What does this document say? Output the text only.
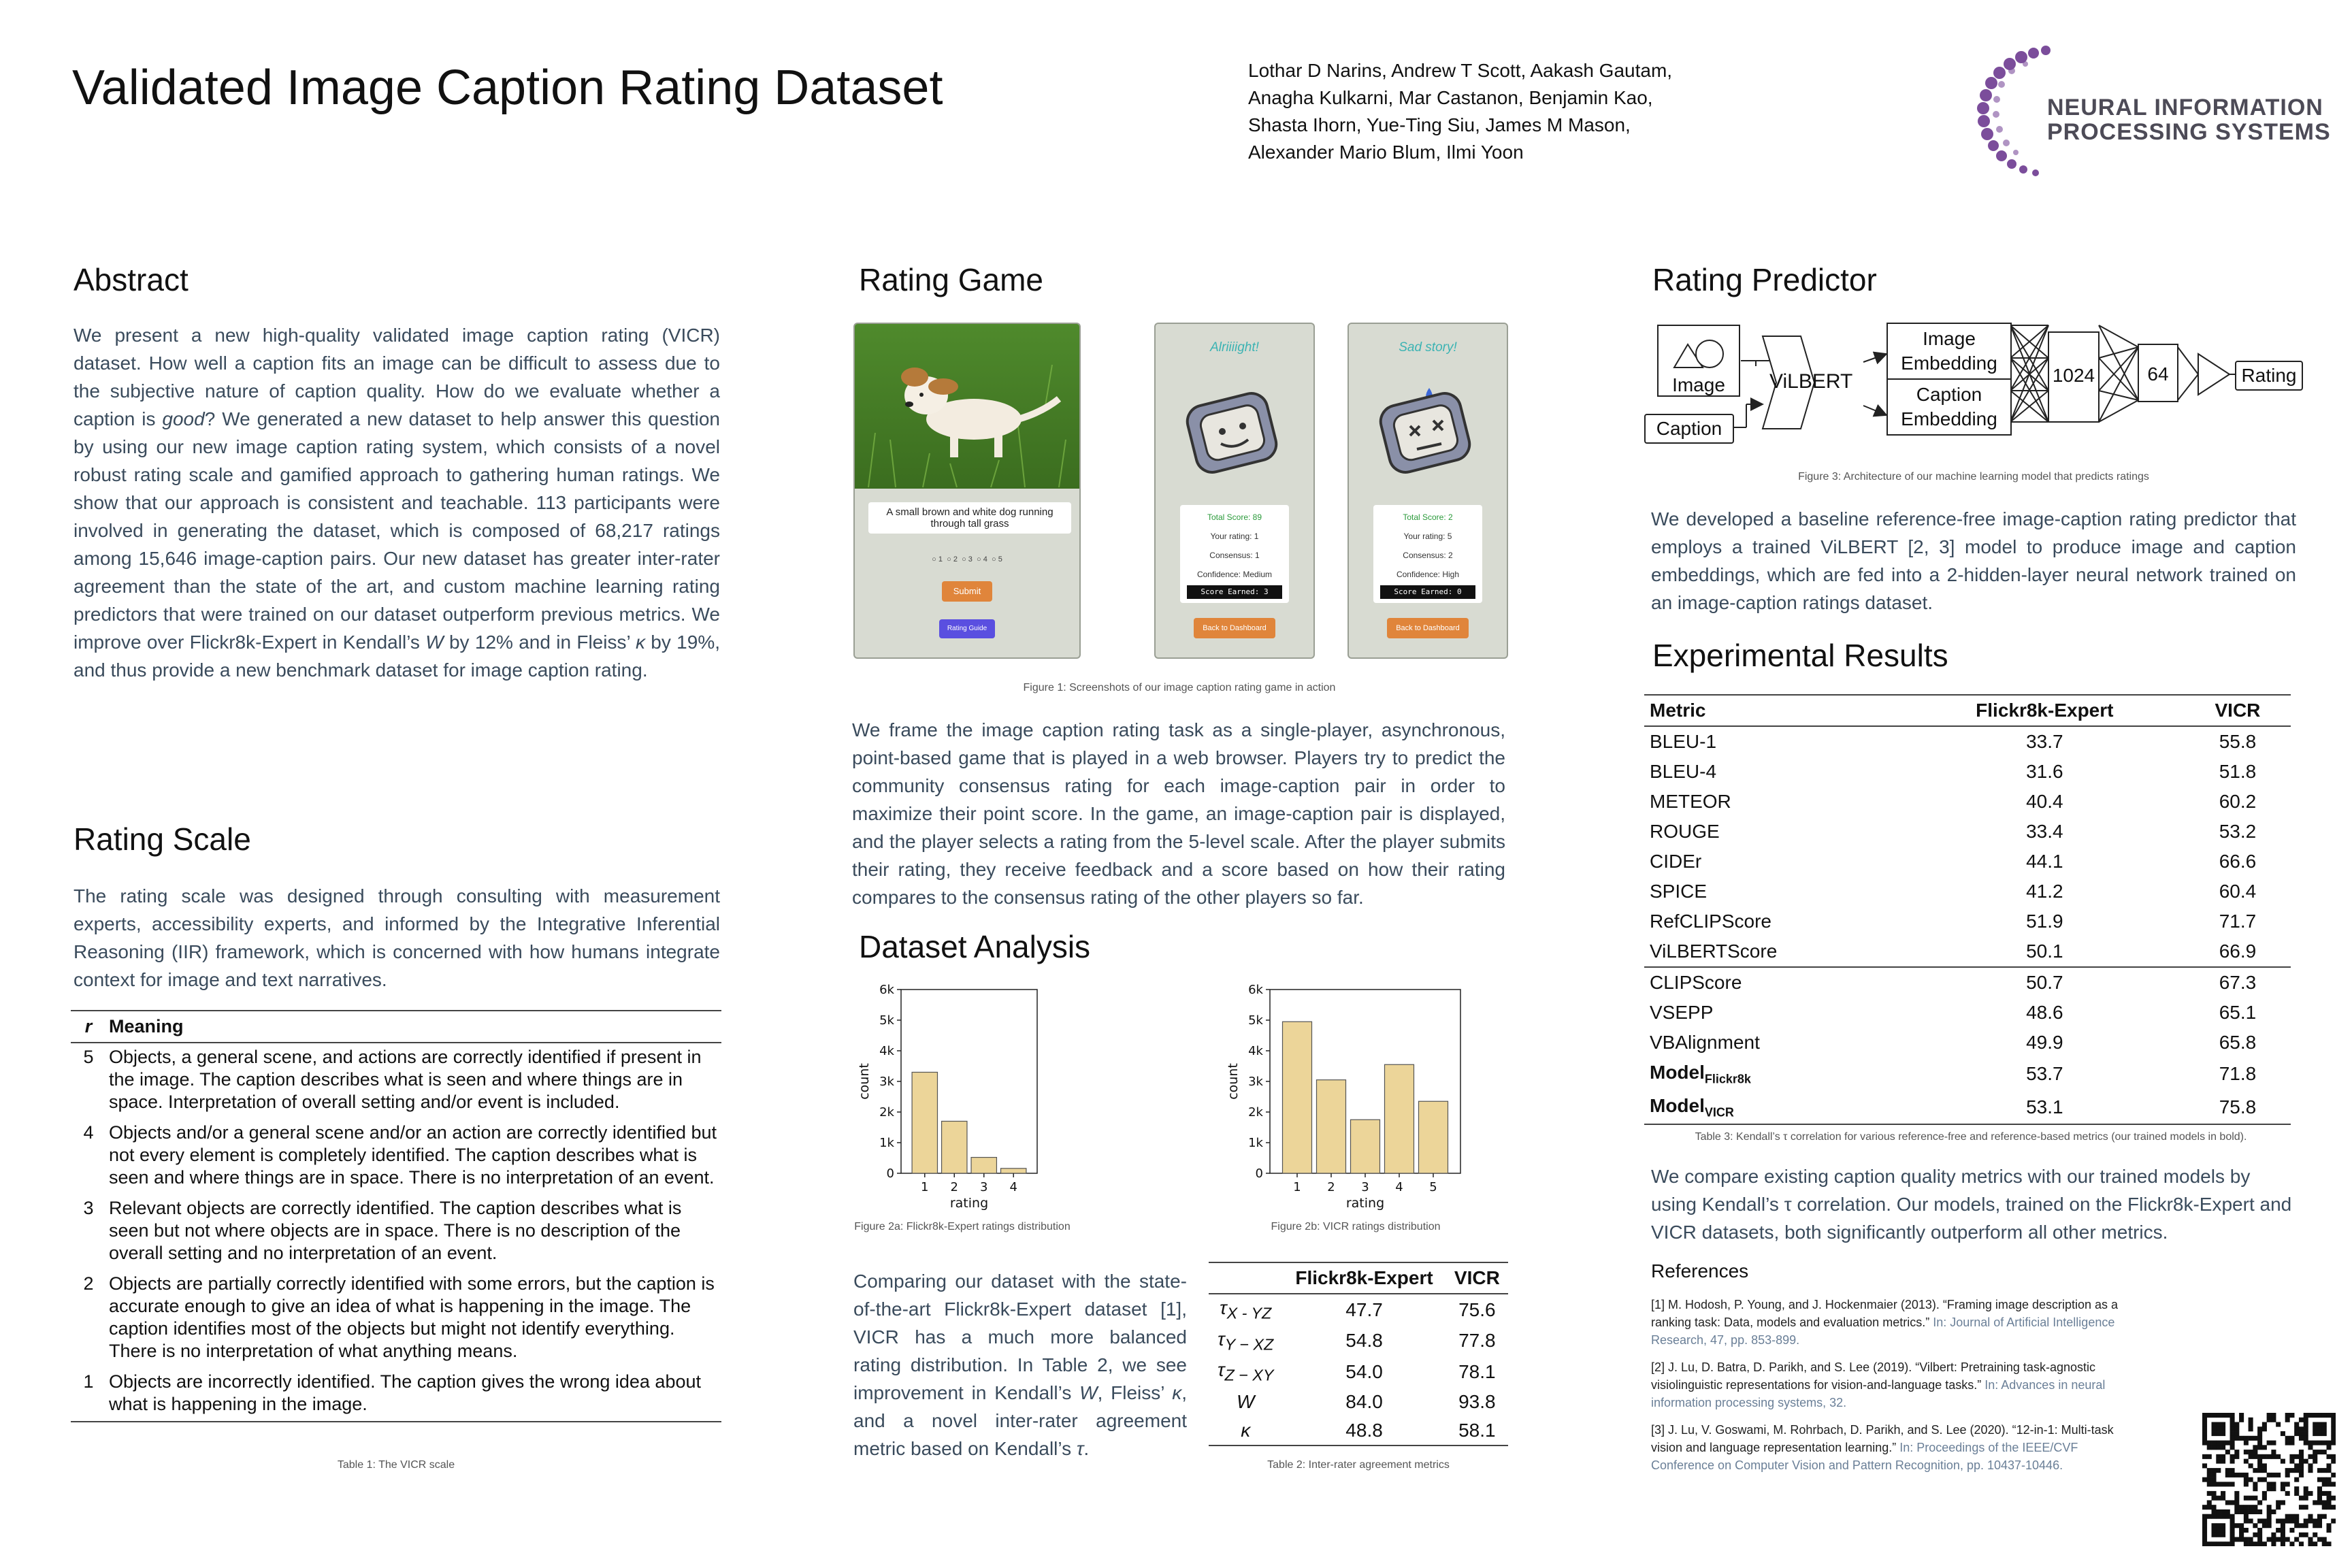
Validated Image Caption Rating Dataset	Lothar D Narins, Andrew T Scott, Aakash Gautam,
Anagha Kulkarni, Mar Castanon, Benjamin Kao,
Shasta Ihorn, Yue-Ting Siu, James M Mason,
Alexander Mario Blum, Ilmi Yoon
NEURAL INFORMATION
PROCESSING SYSTEMS
Abstract
We present a new high-quality validated image caption rating (VICR) dataset. How well a caption fits an image can be difficult to assess due to the subjective nature of caption quality. How do we evaluate whether a caption is good? We generated a new dataset to help answer this question by using our new image caption rating system, which consists of a novel robust rating scale and gamified approach to gathering human ratings. We show that our approach is consistent and teachable. 113 participants were involved in generating the dataset, which is composed of 68,217 ratings among 15,646 image-caption pairs. Our new dataset has greater inter-rater agreement than the state of the art, and custom machine learning rating predictors that were trained on our dataset outperform previous metrics. We improve over Flickr8k-Expert in Kendall’s W by 12% and in Fleiss’ κ by 19%, and thus provide a new benchmark dataset for image caption rating.
Rating Scale
The rating scale was designed through consulting with measurement experts, accessibility experts, and informed by the Integrative Inferential Reasoning (IIR) framework, which is concerned with how humans integrate context for image and text narratives.
r	Meaning
5	Objects, a general scene, and actions are correctly identified if present in the image. The caption describes what is seen and where things are in space. Interpretation of overall setting and/or event is included.
4	Objects and/or a general scene and/or an action are correctly identified but not every element is completely identified. The caption describes what is seen and where things are in space. There is no interpretation of an event.
3	Relevant objects are correctly identified. The caption describes what is seen but not where objects are in space. There is no description of the overall setting and no interpretation of an event.
2	Objects are partially correctly identified with some errors, but the caption is accurate enough to give an idea of what is happening in the image. The caption identifies most of the objects but might not identify everything. There is no interpretation of what anything means.
1	Objects are incorrectly identified. The caption gives the wrong idea about what is happening in the image.
Table 1: The VICR scale
Rating Game
A small brown and white dog running through tall grass
○ 1 ○ 2 ○ 3 ○ 4 ○ 5
Submit
Rating Guide
Alriiiight!
Total Score: 89
Your rating: 1
Consensus: 1
Confidence: Medium
Score Earned: 3
Back to Dashboard
Sad story!
Total Score: 2
Your rating: 5
Consensus: 2
Confidence: High
Score Earned: 0
Back to Dashboard
Figure 1: Screenshots of our image caption rating game in action
We frame the image caption rating task as a single-player, asynchronous, point-based game that is played in a web browser. Players try to predict the community consensus rating for each image-caption pair in order to maximize their point score. In the game, an image-caption pair is displayed, and the player selects a rating from the 5-level scale. After the player submits their rating, they receive feedback and a score based on how their rating compares to the consensus rating of the other players so far.
Dataset Analysis
0
1k
2k
3k
4k
5k
6k
1 2 3 4
rating
count
0
1k
2k
3k
4k
5k
6k
1 2 3 4 5
rating
count
Figure 2a: Flickr8k-Expert ratings distribution	Figure 2b: VICR ratings distribution
Comparing our dataset with the state-of-the-art Flickr8k-Expert dataset [1], VICR has a much more balanced rating distribution. In Table 2, we see improvement in Kendall’s W, Fleiss’ κ, and a novel inter-rater agreement metric based on Kendall’s τ.
	Flickr8k-Expert	VICR
$\tau_{X - YZ}$	47.7	75.6
$\tau_{Y - XZ}$	54.8	77.8
$\tau_{Z - XY}$	54.0	78.1
W	84.0	93.8
κ	48.8	58.1
Table 2: Inter-rater agreement metrics
Rating Predictor
Image
Caption
ViLBERT
Image
Embedding
Caption
Embedding
1024	64	Rating
Figure 3: Architecture of our machine learning model that predicts ratings
We developed a baseline reference-free image-caption rating predictor that employs a trained ViLBERT [2, 3] model to produce image and caption embeddings, which are fed into a 2-hidden-layer neural network trained on an image-caption ratings dataset.
Experimental Results
Metric	Flickr8k-Expert	VICR
BLEU-1	33.7	55.8
BLEU-4	31.6	51.8
METEOR	40.4	60.2
ROUGE	33.4	53.2
CIDEr	44.1	66.6
SPICE	41.2	60.4
RefCLIPScore	51.9	71.7
ViLBERTScore	50.1	66.9
CLIPScore	50.7	67.3
VSEPP	48.6	65.1
VBAlignment	49.9	65.8
Model$_{Flickr8k}$	53.7	71.8
Model$_{VICR}$	53.1	75.8
Table 3: Kendall’s τ correlation for various reference-free and reference-based metrics (our trained models in bold).
We compare existing caption quality metrics with our trained models by using Kendall’s τ correlation. Our models, trained on the Flickr8k-Expert and VICR datasets, both significantly outperform all other metrics.
References
[1] M. Hodosh, P. Young, and J. Hockenmaier (2013). “Framing image description as a ranking task: Data, models and evaluation metrics.” In: Journal of Artificial Intelligence Research, 47, pp. 853-899.
[2] J. Lu, D. Batra, D. Parikh, and S. Lee (2019). “Vilbert: Pretraining task-agnostic visiolinguistic representations for vision-and-language tasks.” In: Advances in neural information processing systems, 32.
[3] J. Lu, V. Goswami, M. Rohrbach, D. Parikh, and S. Lee (2020). “12-in-1: Multi-task vision and language representation learning.” In: Proceedings of the IEEE/CVF Conference on Computer Vision and Pattern Recognition, pp. 10437-10446.
